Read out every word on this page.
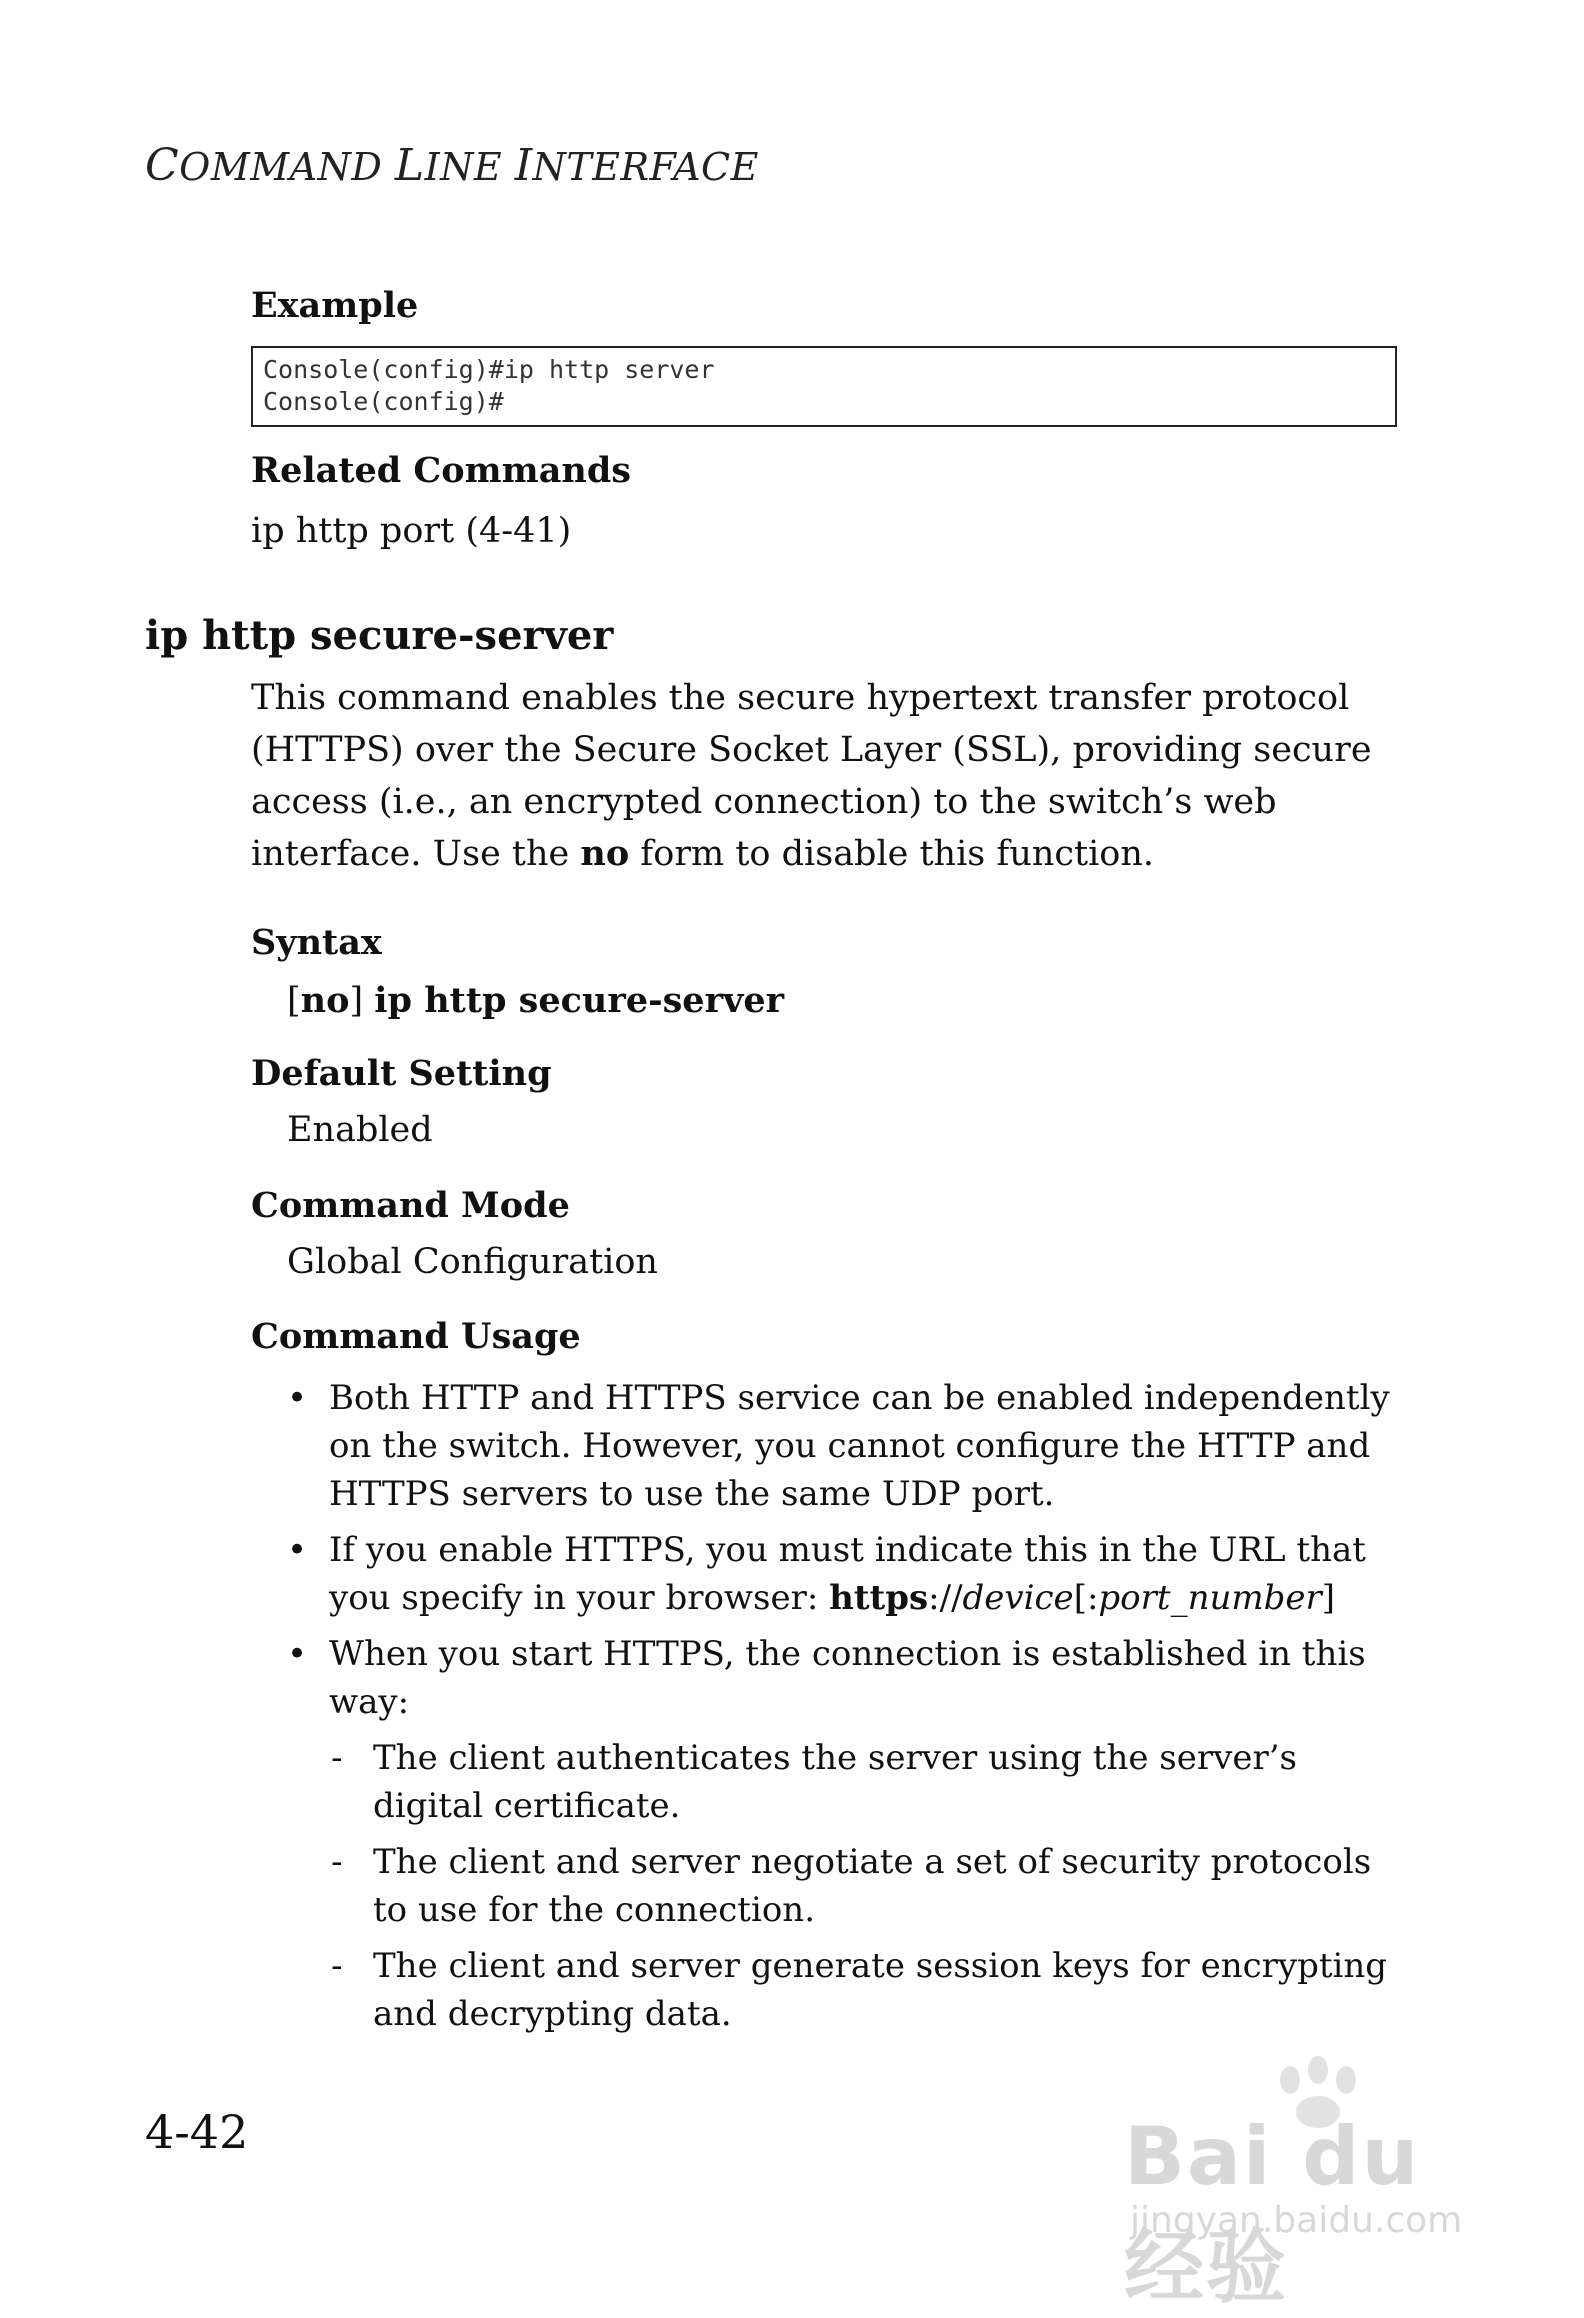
COMMAND LINE INTERFACE
Example
Console(config)#ip http server
Console(config)#
Related Commands
ip http port (4-41)
ip http secure-server
This command enables the secure hypertext transfer protocol (HTTPS) over the Secure Socket Layer (SSL), providing secure access (i.e., an encrypted connection) to the switch’s web interface. Use the no form to disable this function.
Syntax
[no] ip http secure-server
Default Setting
Enabled
Command Mode
Global Configuration
Command Usage
• Both HTTP and HTTPS service can be enabled independently on the switch. However, you cannot configure the HTTP and HTTPS servers to use the same UDP port.
• If you enable HTTPS, you must indicate this in the URL that you specify in your browser: https://device[:port_number]
• When you start HTTPS, the connection is established in this way:
- The client authenticates the server using the server’s digital certificate.
- The client and server negotiate a set of security protocols to use for the connection.
- The client and server generate session keys for encrypting and decrypting data.
4-42	Bai du 经验
jingyan.baidu.com
